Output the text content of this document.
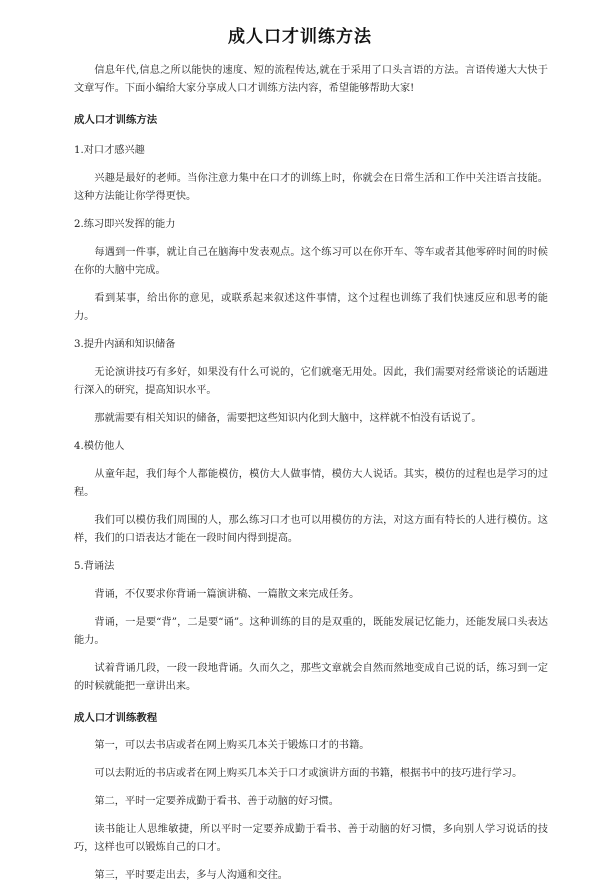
成人口才训练方法

信息年代,信息之所以能快的速度、短的流程传达,就在于采用了口头言语的方法。言语传递大大快于文章写作。下面小编给大家分享成人口才训练方法内容，希望能够帮助大家!

成人口才训练方法

1.对口才感兴趣

兴趣是最好的老师。当你注意力集中在口才的训练上时，你就会在日常生活和工作中关注语言技能。这种方法能让你学得更快。

2.练习即兴发挥的能力

每遇到一件事，就让自己在脑海中发表观点。这个练习可以在你开车、等车或者其他零碎时间的时候在你的大脑中完成。

看到某事，给出你的意见，或联系起来叙述这件事情，这个过程也训练了我们快速反应和思考的能力。

3.提升内涵和知识储备

无论演讲技巧有多好，如果没有什么可说的，它们就毫无用处。因此，我们需要对经常谈论的话题进行深入的研究，提高知识水平。

那就需要有相关知识的储备，需要把这些知识内化到大脑中，这样就不怕没有话说了。

4.模仿他人

从童年起，我们每个人都能模仿，模仿大人做事情，模仿大人说话。其实，模仿的过程也是学习的过程。

我们可以模仿我们周围的人，那么练习口才也可以用模仿的方法，对这方面有特长的人进行模仿。这样，我们的口语表达才能在一段时间内得到提高。

5.背诵法

背诵，不仅要求你背诵一篇演讲稿、一篇散文来完成任务。

背诵，一是要“背”，二是要“诵”。这种训练的目的是双重的，既能发展记忆能力，还能发展口头表达能力。

试着背诵几段，一段一段地背诵。久而久之，那些文章就会自然而然地变成自己说的话，练习到一定的时候就能把一章讲出来。

成人口才训练教程

第一，可以去书店或者在网上购买几本关于锻炼口才的书籍。

可以去附近的书店或者在网上购买几本关于口才或演讲方面的书籍，根据书中的技巧进行学习。

第二，平时一定要养成勤于看书、善于动脑的好习惯。

读书能让人思维敏捷，所以平时一定要养成勤于看书、善于动脑的好习惯，多向别人学习说话的技巧，这样也可以锻炼自己的口才。

第三，平时要走出去，多与人沟通和交往。
